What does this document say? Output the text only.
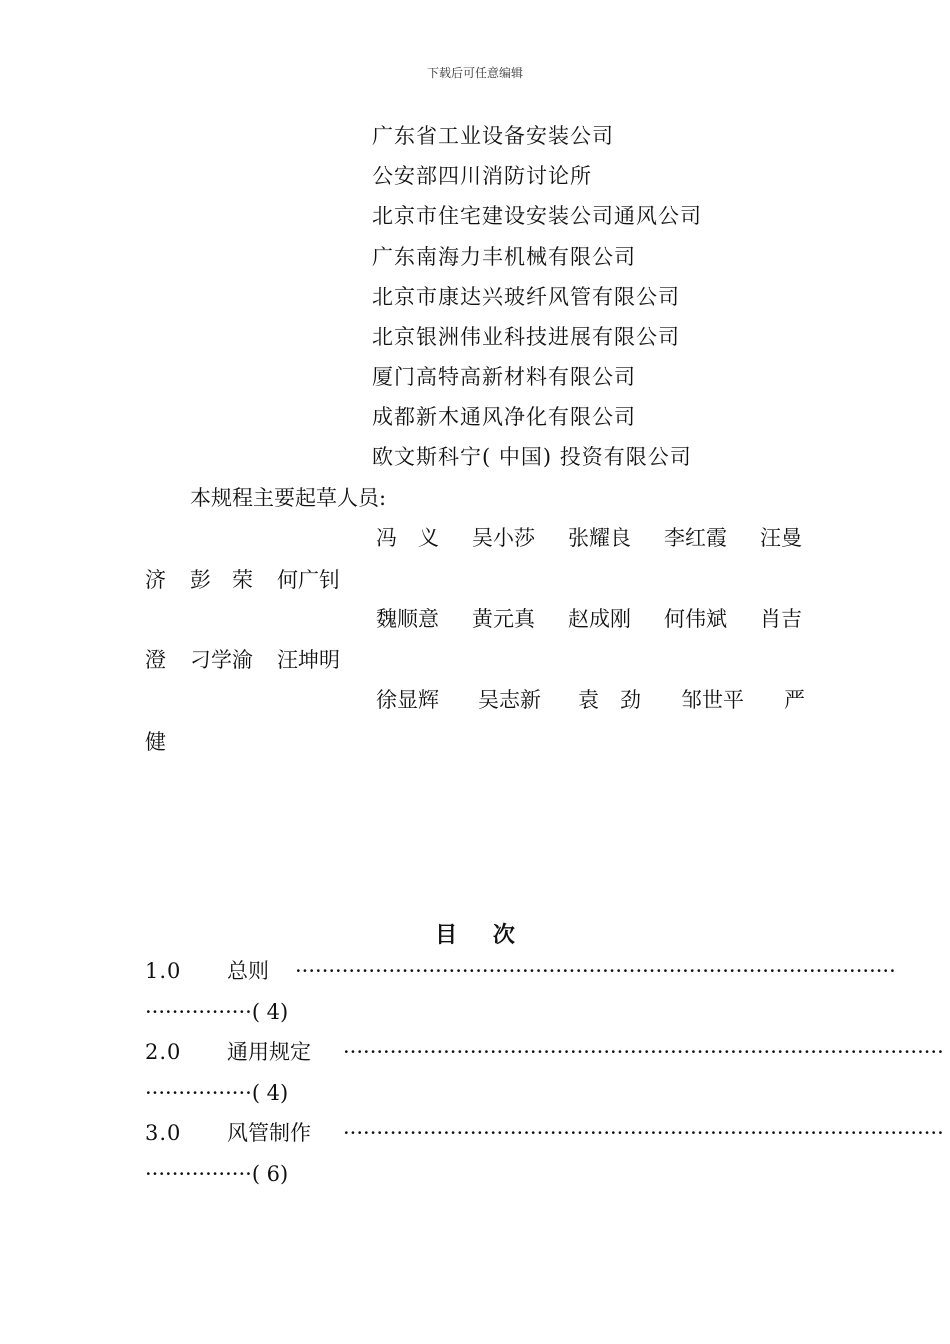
下载后可任意编辑
广东省工业设备安装公司
公安部四川消防讨论所
北京市住宅建设安装公司通风公司
广东南海力丰机械有限公司
北京市康达兴玻纤风管有限公司
北京银洲伟业科技进展有限公司
厦门高特高新材料有限公司
成都新木通风净化有限公司
欧文斯科宁( 中国) 投资有限公司
本规程主要起草人员:
冯　义 吴小莎 张耀良 李红霞 汪曼
济 彭　荣 何广钊
魏顺意 黄元真 赵成刚 何伟斌 肖吉
澄 刁学渝 汪坤明
徐显辉 吴志新 袁　劲 邹世平 严
健
目 次
1.0 总则 ··························································································
················( 4)
2.0 通用规定 ··························································································
················( 4)
3.0 风管制作 ··························································································
················( 6)
